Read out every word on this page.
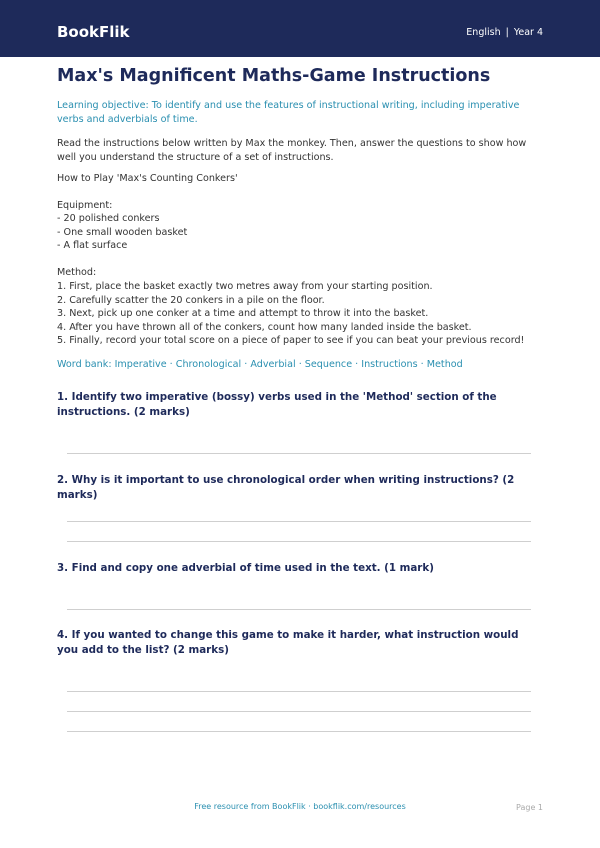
BookFlik	English | Year 4
Max's Magnificent Maths-Game Instructions
Learning objective: To identify and use the features of instructional writing, including imperative verbs and adverbials of time.
Read the instructions below written by Max the monkey. Then, answer the questions to show how well you understand the structure of a set of instructions.
How to Play 'Max's Counting Conkers'
Equipment:
- 20 polished conkers
- One small wooden basket
- A flat surface
Method:
1. First, place the basket exactly two metres away from your starting position.
2. Carefully scatter the 20 conkers in a pile on the floor.
3. Next, pick up one conker at a time and attempt to throw it into the basket.
4. After you have thrown all of the conkers, count how many landed inside the basket.
5. Finally, record your total score on a piece of paper to see if you can beat your previous record!
Word bank: Imperative · Chronological · Adverbial · Sequence · Instructions · Method
1. Identify two imperative (bossy) verbs used in the 'Method' section of the instructions. (2 marks)
2. Why is it important to use chronological order when writing instructions? (2 marks)
3. Find and copy one adverbial of time used in the text. (1 mark)
4. If you wanted to change this game to make it harder, what instruction would you add to the list? (2 marks)
Free resource from BookFlik · bookflik.com/resources	Page 1
